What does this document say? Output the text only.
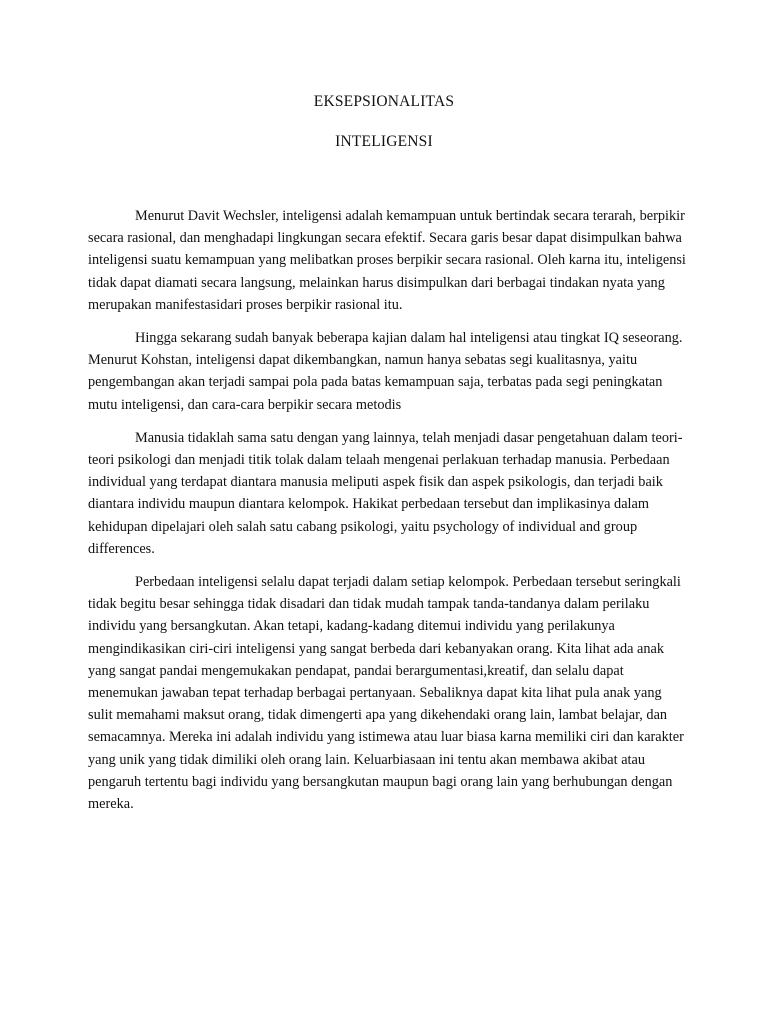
EKSEPSIONALITAS
INTELIGENSI

Menurut Davit Wechsler, inteligensi adalah kemampuan untuk bertindak secara terarah, berpikir secara rasional, dan menghadapi lingkungan secara efektif. Secara garis besar dapat disimpulkan bahwa inteligensi suatu kemampuan yang melibatkan proses berpikir secara rasional. Oleh karna itu, inteligensi tidak dapat diamati secara langsung, melainkan harus disimpulkan dari berbagai tindakan nyata yang merupakan manifestasidari proses berpikir rasional itu.

Hingga sekarang sudah banyak beberapa kajian dalam hal inteligensi atau tingkat IQ seseorang. Menurut Kohstan, inteligensi dapat dikembangkan, namun hanya sebatas segi kualitasnya, yaitu pengembangan akan terjadi sampai pola pada batas kemampuan saja, terbatas pada segi peningkatan mutu inteligensi, dan cara-cara berpikir secara metodis

Manusia tidaklah sama satu dengan yang lainnya, telah menjadi dasar pengetahuan dalam teori-teori psikologi dan menjadi titik tolak dalam telaah mengenai perlakuan terhadap manusia. Perbedaan individual yang terdapat diantara manusia meliputi aspek fisik dan aspek psikologis, dan terjadi baik diantara individu maupun diantara kelompok. Hakikat perbedaan tersebut dan implikasinya dalam kehidupan dipelajari oleh salah satu cabang psikologi, yaitu psychology of individual and group differences.

Perbedaan inteligensi selalu dapat terjadi dalam setiap kelompok. Perbedaan tersebut seringkali tidak begitu besar sehingga tidak disadari dan tidak mudah tampak tanda-tandanya dalam perilaku individu yang bersangkutan. Akan tetapi, kadang-kadang ditemui individu yang perilakunya mengindikasikan ciri-ciri inteligensi yang sangat berbeda dari kebanyakan orang. Kita lihat ada anak yang sangat pandai mengemukakan pendapat, pandai berargumentasi,kreatif, dan selalu dapat menemukan jawaban tepat terhadap berbagai pertanyaan. Sebaliknya dapat kita lihat pula anak yang sulit memahami maksut orang, tidak dimengerti apa yang dikehendaki orang lain, lambat belajar, dan semacamnya. Mereka ini adalah individu yang istimewa atau luar biasa karna memiliki ciri dan karakter yang unik yang tidak dimiliki oleh orang lain. Keluarbiasaan ini tentu akan membawa akibat atau pengaruh tertentu bagi individu yang bersangkutan maupun bagi orang lain yang berhubungan dengan mereka.
